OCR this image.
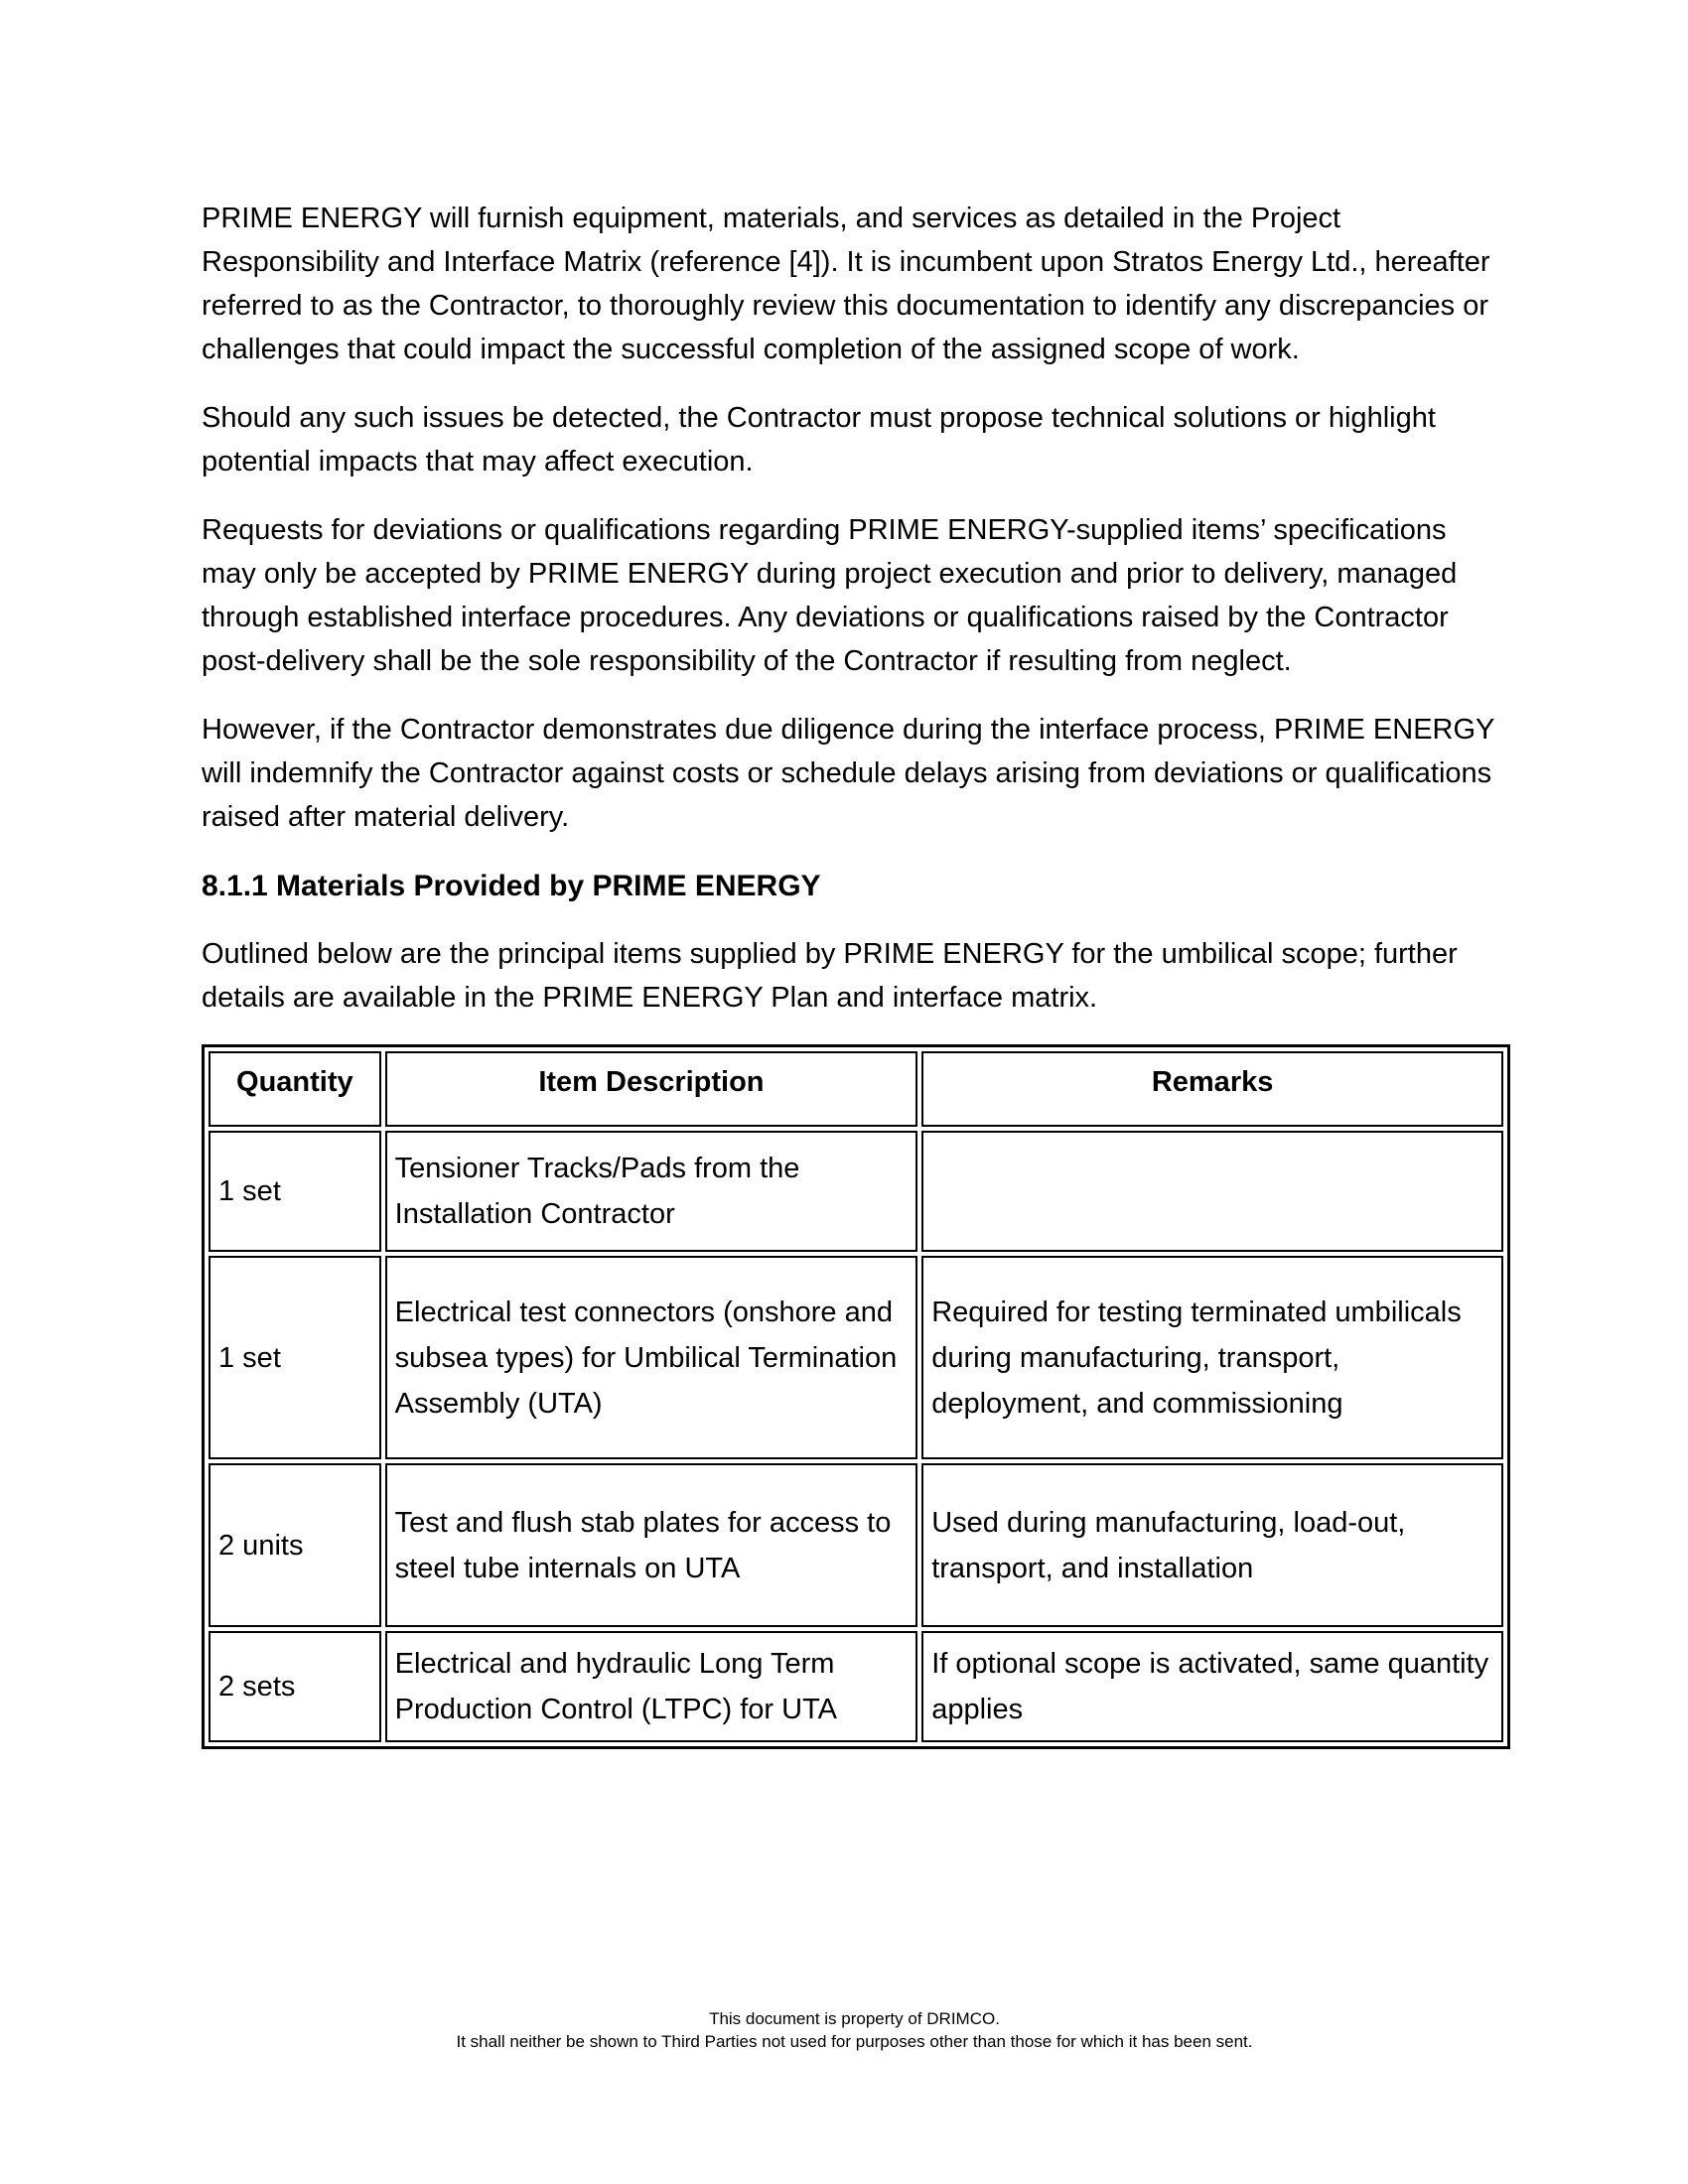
PRIME ENERGY will furnish equipment, materials, and services as detailed in the Project Responsibility and Interface Matrix (reference [4]). It is incumbent upon Stratos Energy Ltd., hereafter referred to as the Contractor, to thoroughly review this documentation to identify any discrepancies or challenges that could impact the successful completion of the assigned scope of work.

Should any such issues be detected, the Contractor must propose technical solutions or highlight potential impacts that may affect execution.

Requests for deviations or qualifications regarding PRIME ENERGY-supplied items’ specifications may only be accepted by PRIME ENERGY during project execution and prior to delivery, managed through established interface procedures. Any deviations or qualifications raised by the Contractor post-delivery shall be the sole responsibility of the Contractor if resulting from neglect.

However, if the Contractor demonstrates due diligence during the interface process, PRIME ENERGY will indemnify the Contractor against costs or schedule delays arising from deviations or qualifications raised after material delivery.

8.1.1 Materials Provided by PRIME ENERGY

Outlined below are the principal items supplied by PRIME ENERGY for the umbilical scope; further details are available in the PRIME ENERGY Plan and interface matrix.

Quantity	Item Description	Remarks
1 set	Tensioner Tracks/Pads from the Installation Contractor	
1 set	Electrical test connectors (onshore and subsea types) for Umbilical Termination Assembly (UTA)	Required for testing terminated umbilicals during manufacturing, transport, deployment, and commissioning
2 units	Test and flush stab plates for access to steel tube internals on UTA	Used during manufacturing, load-out, transport, and installation
2 sets	Electrical and hydraulic Long Term Production Control (LTPC) for UTA	If optional scope is activated, same quantity applies
This document is property of DRIMCO.
It shall neither be shown to Third Parties not used for purposes other than those for which it has been sent.
